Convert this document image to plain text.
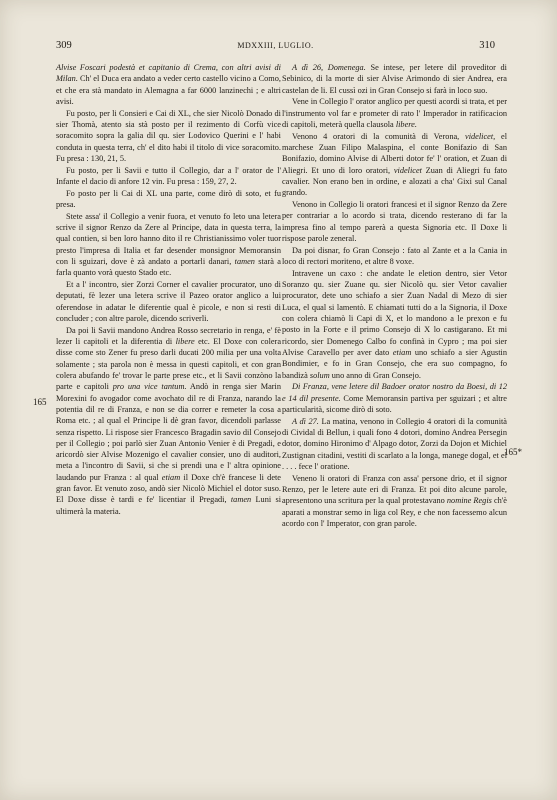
309	MDXXIII, LUGLIO.	310
165
165*

Alvise Foscari podestà et capitanio di Crema, con altri avisi di Milan. Ch' el Duca era andato a veder certo castello vicino a Como, et che era stà mandato in Alemagna a far 6000 lanzinechi ; e altri avisi.

Fu posto, per li Consieri e Cai di XL, che sier Nicolò Donado di sier Thomà, atento sia stà posto per il rezimento di Corfù vice soracomito sopra la galia dil qu. sier Lodovico Querini e l' habi conduta in questa terra, ch' el dito habi il titolo di vice soracomito. Fu presa : 130, 21, 5.

Fu posto, per li Savii e tutto il Collegio, dar a l' orator de l' Infante el dacio di anfore 12 vin. Fu presa : 159, 27, 2.

Fo posto per li Cai di XL una parte, come dirò di soto, et fu presa.

Stete assa' il Collegio a venir fuora, et venuto fo leto una letera scrive il signor Renzo da Zere al Principe, data in questa terra, la qual contien, si ben loro hanno dito il re Christianissimo voler tuor presto l'impresa di Italia et far desender monsignor Memoransin con li sguizari, dove è zà andato a portarli danari, tamen starà a farla quanto vorà questo Stado etc.

Et a l' incontro, sier Zorzi Corner el cavalier procurator, uno di deputati, fè lezer una letera scrive il Pazeo orator anglico a lui oferendose in adatar le diferentie qual è picole, e non si resti di concluder ; con altre parole, dicendo scriverli.

Da poi li Savii mandono Andrea Rosso secretario in renga, e' fè lezer li capitoli et la diferentia di libere etc. El Doxe con colera disse come sto Zener fu preso darli ducati 200 milia per una volta solamente ; sta parola non è messa in questi capitoli, et con gran colera abufando fe' trovar le parte prese etc., et li Savii conzòno la parte e capitoli pro una vice tantum. Andò in renga sier Marin Morexini fo avogador come avochato dil re di Franza, narando la potentia dil re di Franza, e non se dia correr e remeter la cosa a Roma etc. ; al qual el Principe li dè gran favor, dicendoli parlasse senza rispetto. Li rispose sier Francesco Bragadin savio dil Consejo per il Collegio ; poi parlò sier Zuan Antonio Venier è di Pregadi, e aricordò sier Alvise Mozenigo el cavalier consier, uno di auditori, meta a l'incontro di Savii, si che si prendi una e l' altra opinione laudando pur Franza : al qual etiam il Doxe ch'è francese li dete gran favor. Et venuto zoso, andò sier Nicolò Michiel el dotor suso. El Doxe disse è tardi e fe' licentiar il Pregadi, tamen Luni si ultimerà la materia.

A dì 26, Domenega. Se intese, per letere dil proveditor di Sebinico, di la morte di sier Alvise Arimondo di sier Andrea, era castelan de li. El cussì ozi in Gran Consejo si farà in loco suo.

Vene in Collegio l' orator anglico per questi acordi si trata, et per l'instrumento vol far e prometer di rato l' Imperador in ratificacion di capitoli, meterà quella clausola libere.

Venono 4 oratori di la comunità di Verona, videlicet, el marchese Zuan Filipo Malaspina, el conte Bonifazio di San Bonifazio, domino Alvise di Alberti dotor fe' l' oration, et Zuan di Aliegri. Et uno di loro oratori, videlicet Zuan di Aliegri fu fato cavalier. Non erano ben in ordine, e alozati a cha' Gixi sul Canal grando.

Venono in Collegio li oratori francesi et il signor Renzo da Zere per contrariar a lo acordo si trata, dicendo resterano di far la impresa fino al tempo parerà a questa Signoria etc. Il Doxe li rispose parole zeneral.

Da poi disnar, fo Gran Consejo : fato al Zante et a la Cania in loco di rectori moriteno, et altre 8 voxe.

Intravene un caxo : che andate le eletion dentro, sier Vetor Soranzo qu. sier Zuane qu. sier Nicolò qu. sier Vetor cavalier procurator, dete uno schiafo a sier Zuan Nadal di Mezo di sier Luca, el qual si lamentò. E chiamati tutti do a la Signoria, il Doxe con colera chiamò li Capi di X, et lo mandono a le prexon e fu posto in la Forte e il primo Consejo di X lo castigarano. Et mi ricordo, sier Domenego Calbo fo confinà in Cypro ; ma poi sier Alvise Caravello per aver dato etiam uno schiafo a sier Agustin Bondimier, e fo in Gran Consejo, che era suo compagno, fo bandizà solum uno anno di Gran Consejo.

Di Franza, vene letere dil Badoer orator nostro da Boesi, di 12 e 14 dil presente. Come Memoransin partiva per sguizari ; et altre particularità, sicome dirò di soto.

A dì 27. La matina, venono in Collegio 4 oratori di la comunità di Cividal di Bellun, i quali fono 4 dotori, domino Andrea Persegin dotor, domino Hironimo d' Alpago dotor, Zorzi da Dojon et Michiel Zustignan citadini, vestiti di scarlato a la longa, manege dogal, et el . . . . fece l' oratione.

Veneno li oratori di Franza con assa' persone drio, et il signor Renzo, per le letere aute eri di Franza. Et poi dito alcune parole, apresentono una scritura per la qual protestavano nomine Regis ch'è aparati a monstrar semo in liga col Rey, e che non facessemo alcun acordo con l' Imperator, con gran parole.
